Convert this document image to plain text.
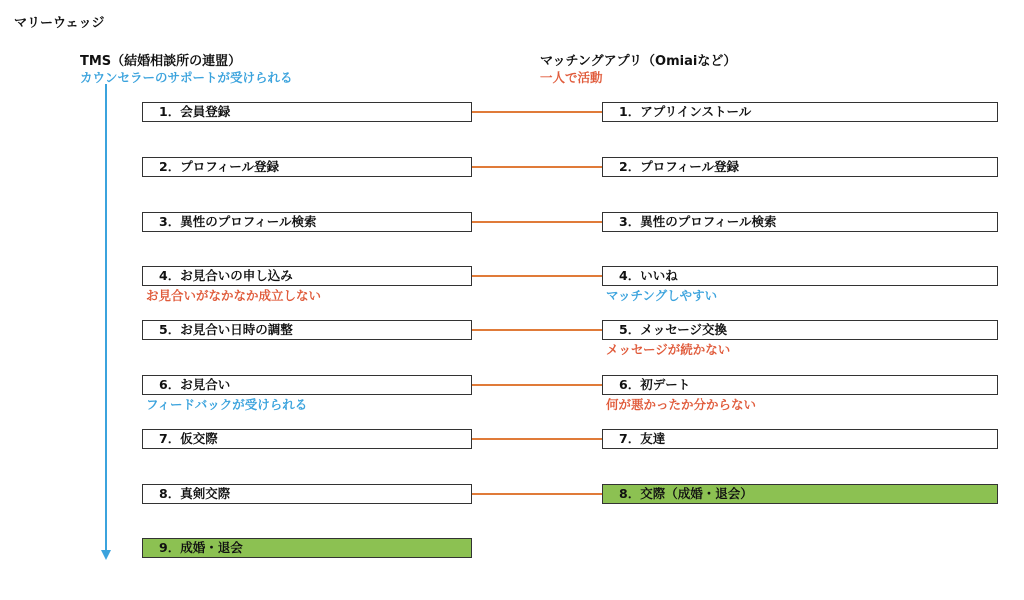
マリーウェッジ
TMS（結婚相談所の連盟）
カウンセラーのサポートが受けられる
マッチングアプリ（Omiaiなど）
一人で活動
1．会員登録
2．プロフィール登録
3．異性のプロフィール検索
4．お見合いの申し込み
お見合いがなかなか成立しない
5．お見合い日時の調整
6．お見合い
フィードバックが受けられる
7．仮交際
8．真剣交際
9．成婚・退会
1．アプリインストール
2．プロフィール登録
3．異性のプロフィール検索
4．いいね
マッチングしやすい
5．メッセージ交換
メッセージが続かない
6．初デート
何が悪かったか分からない
7．友達
8．交際（成婚・退会）
